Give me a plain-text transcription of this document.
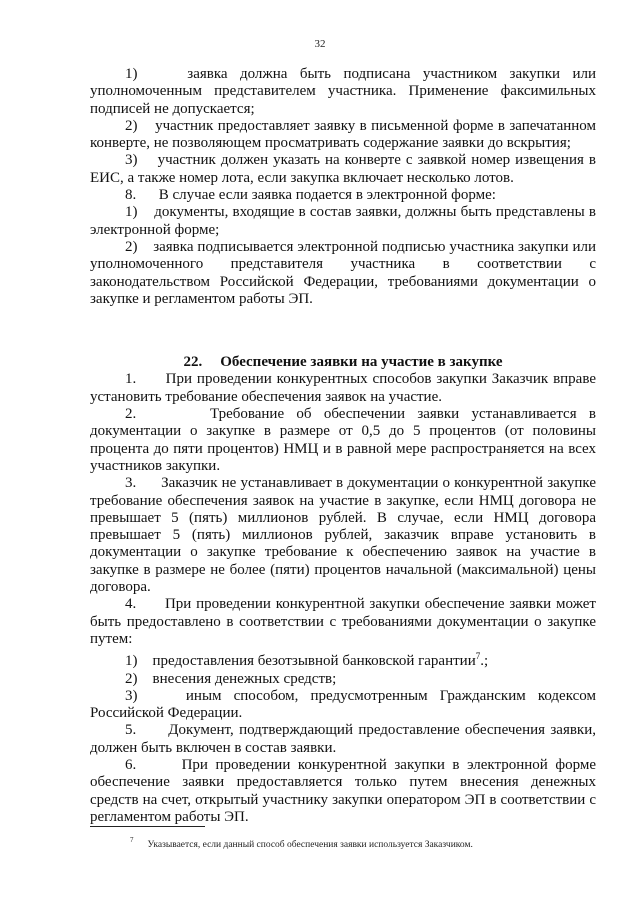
32

1)    заявка должна быть подписана участником закупки или уполномоченным представителем участника. Применение факсимильных подписей не допускается;

2)    участник предоставляет заявку в письменной форме в запечатанном конверте, не позволяющем просматривать содержание заявки до вскрытия;

3)    участник должен указать на конверте с заявкой номер извещения в ЕИС, а также номер лота, если закупка включает несколько лотов.

8.      В случае если заявка подается в электронной форме:

1)    документы, входящие в состав заявки, должны быть представлены в электронной форме;

2)    заявка подписывается электронной подписью участника закупки или уполномоченного представителя участника в соответствии с законодательством Российской Федерации, требованиями документации о закупке и регламентом работы ЭП.

22. Обеспечение заявки на участие в закупке

1.      При проведении конкурентных способов закупки Заказчик вправе установить требование обеспечения заявок на участие.

2.      Требование об обеспечении заявки устанавливается в документации о закупке в размере от 0,5 до 5 процентов (от половины процента до пяти процентов) НМЦ и в равной мере распространяется на всех участников закупки.

3.      Заказчик не устанавливает в документации о конкурентной закупке требование обеспечения заявок на участие в закупке, если НМЦ договора не превышает 5 (пять) миллионов рублей. В случае, если НМЦ договора превышает 5 (пять) миллионов рублей, заказчик вправе установить в документации о закупке требование к обеспечению заявок на участие в закупке в размере не более (пяти) процентов начальной (максимальной) цены договора.

4.      При проведении конкурентной закупки обеспечение заявки может быть предоставлено в соответствии с требованиями документации о закупке путем:

1)    предоставления безотзывной банковской гарантии$^7$.;

2)    внесения денежных средств;

3)    иным способом, предусмотренным Гражданским кодексом Российской Федерации.

5.      Документ, подтверждающий предоставление обеспечения заявки, должен быть включен в состав заявки.

6.      При проведении конкурентной закупки в электронной форме обеспечение заявки предоставляется только путем внесения денежных средств на счет, открытый участнику закупки оператором ЭП в соответствии с регламентом работы ЭП.

$^7$Указывается, если данный способ обеспечения заявки используется Заказчиком.
